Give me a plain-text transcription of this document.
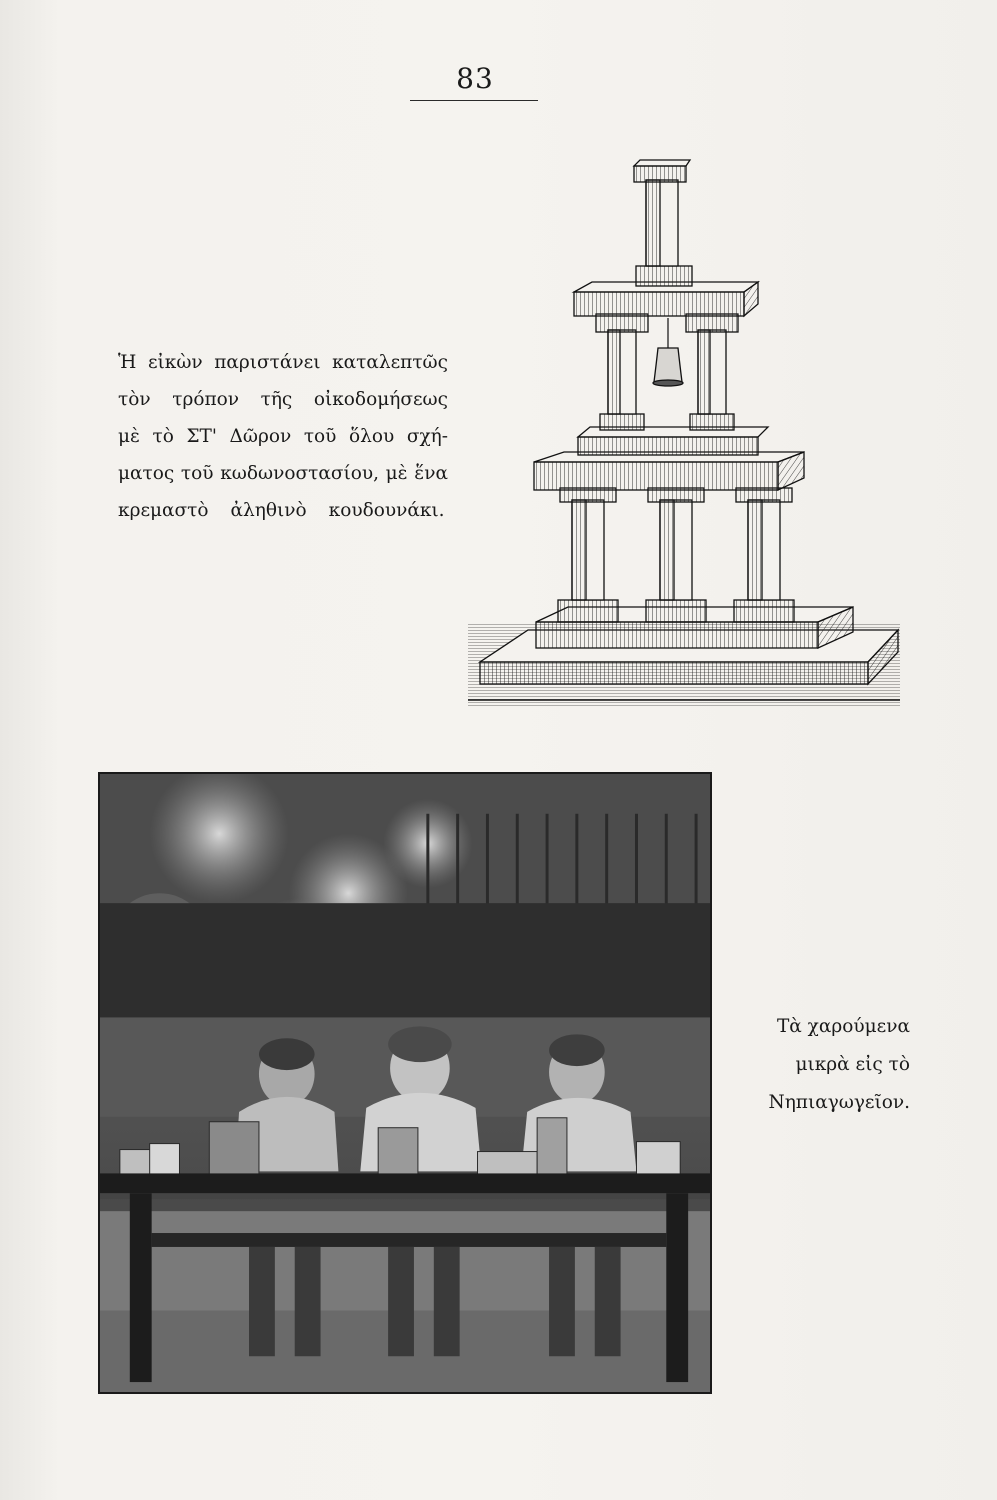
83
Ἡ εἰκὼν παριστάνει καταλεπτῶς
τὸν τρόπον τῆς οἰκοδομήσεως
μὲ τὸ ΣΤ' Δῶρον τοῦ ὅλου σχή-
ματος τοῦ κωδωνοστασίου, μὲ ἕνα
κρεμαστὸ ἀληθινὸ κουδουνάκι.
Τὰ χαρούμενα
μικρὰ εἰς τὸ
Νηπιαγωγεῖον.
